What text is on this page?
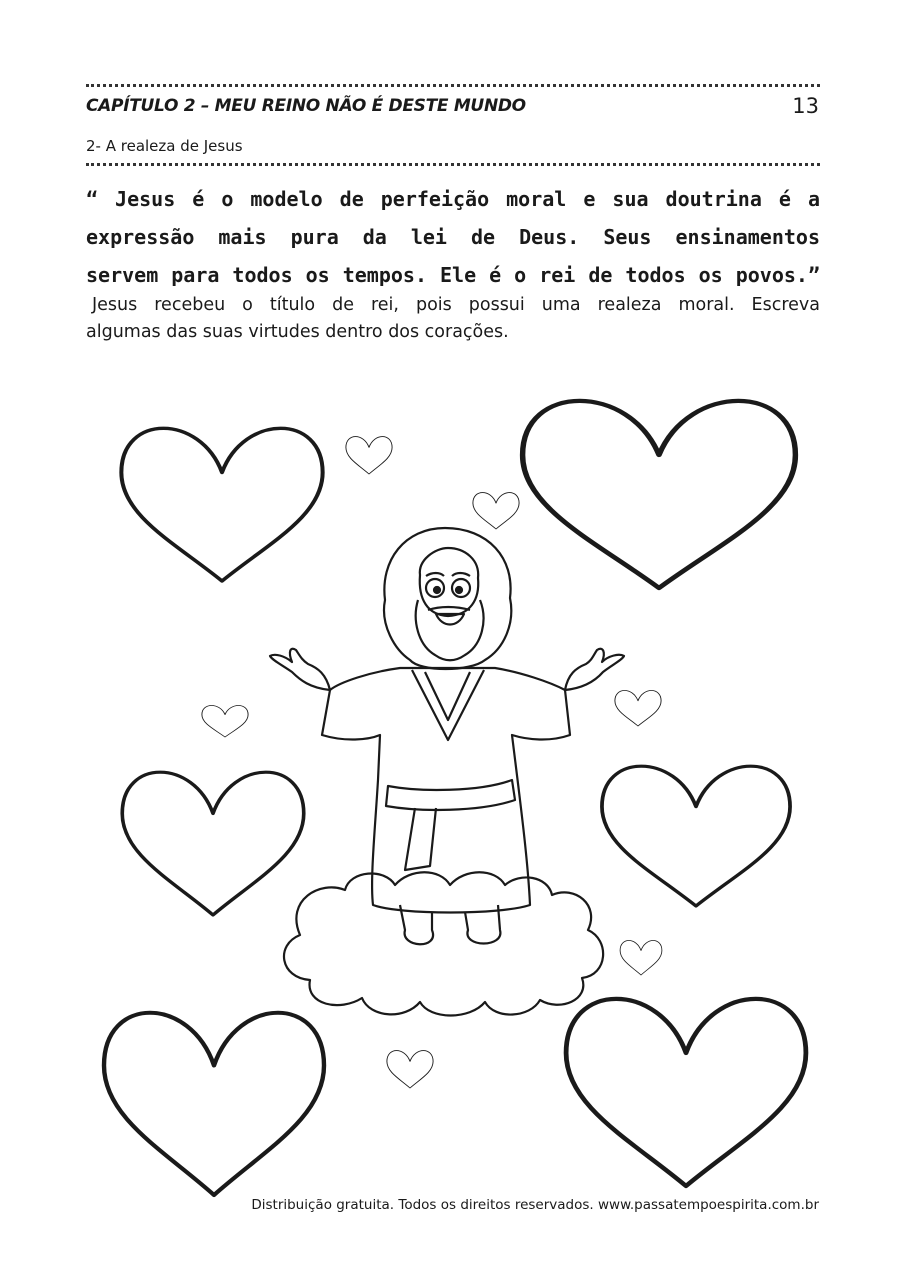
CAPÍTULO 2 – MEU REINO NÃO É DESTE MUNDO	13
2- A realeza de Jesus
“ Jesus é o modelo de perfeição moral e sua doutrina é a
expressão mais pura da lei de Deus. Seus ensinamentos
servem para todos os tempos. Ele é o rei de todos os povos.”
Jesus recebeu o título de rei, pois possui uma realeza moral. Escreva
algumas das suas virtudes dentro dos corações.
Distribuição gratuita. Todos os direitos reservados. www.passatempoespirita.com.br
